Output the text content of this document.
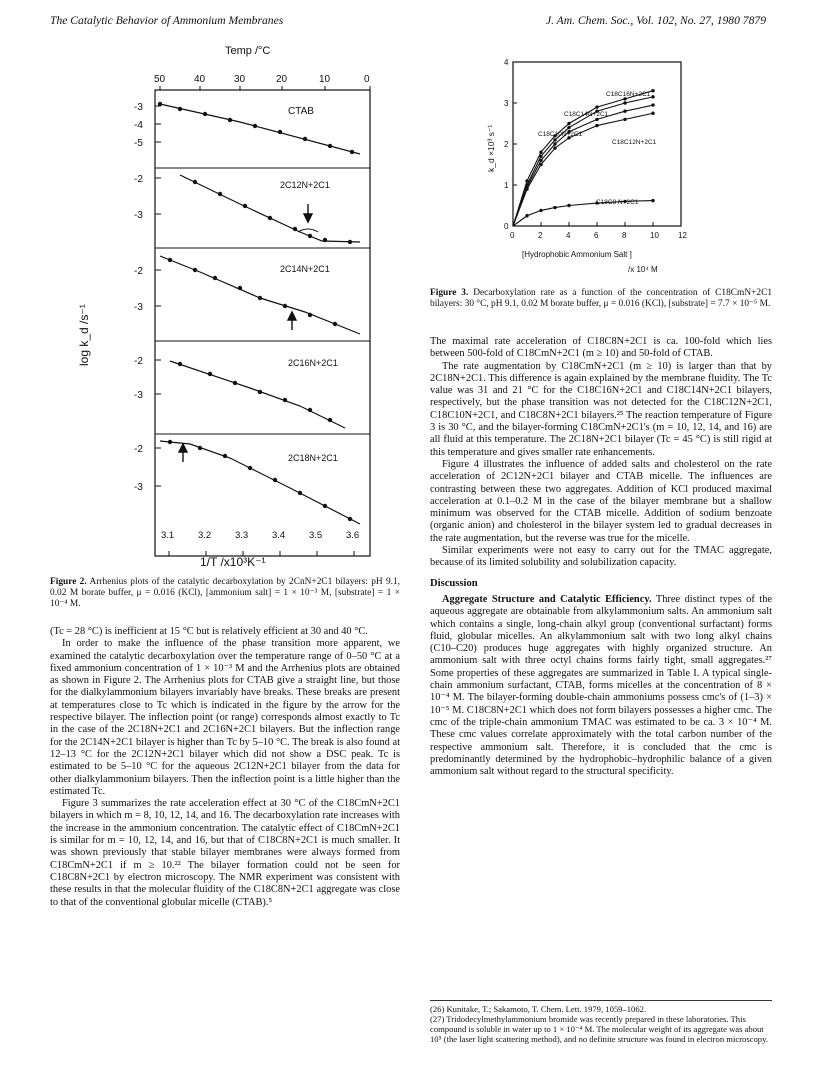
The Catalytic Behavior of Ammonium Membranes	J. Am. Chem. Soc., Vol. 102, No. 27, 1980 7879
Temp /°C
50	40	30	20	10	0
-3
-4
-5
-2
-3
-2
-3
-2
-3
-2
-3
CTAB
2C12N+2C1
2C14N+2C1
2C16N+2C1
2C18N+2C1
log k_d /s⁻¹
3.1	3.2	3.3	3.4	3.5	3.6
1/T /x10³K⁻¹
Figure 2. Arrhenius plots of the catalytic decarboxylation by 2CnN+2C1 bilayers: pH 9.1, 0.02 M borate buffer, μ = 0.016 (KCl), [ammonium salt] = 1 × 10⁻³ M, [substrate] = 1 × 10⁻⁴ M.

(Tc = 28 °C) is inefficient at 15 °C but is relatively efficient at 30 and 40 °C.

In order to make the influence of the phase transition more apparent, we examined the catalytic decarboxylation over the temperature range of 0–50 °C at a fixed ammonium concentration of 1 × 10⁻³ M and the Arrhenius plots are obtained as shown in Figure 2. The Arrhenius plots for CTAB give a straight line, but those for the dialkylammonium bilayers invariably have breaks. These breaks are present at temperatures close to Tc which is indicated in the figure by the arrow for the respective bilayer. The inflection point (or range) corresponds almost exactly to Tc in the case of the 2C18N+2C1 and 2C16N+2C1 bilayers. But the inflection range for the 2C14N+2C1 bilayer is higher than Tc by 5–10 °C. The break is also found at 12–13 °C for the 2C12N+2C1 bilayer which did not show a DSC peak. Tc is estimated to be 5–10 °C for the aqueous 2C12N+2C1 bilayer from the data for other dialkylammonium bilayers. Then the inflection point is a little higher than the estimated Tc.

Figure 3 summarizes the rate acceleration effect at 30 °C of the C18CmN+2C1 bilayers in which m = 8, 10, 12, 14, and 16. The decarboxylation rate increases with the increase in the ammonium concentration. The catalytic effect of C18CmN+2C1 is similar for m = 10, 12, 14, and 16, but that of C18C8N+2C1 is much smaller. It was shown previously that stable bilayer membranes were always formed from C18CmN+2C1 if m ≥ 10.²² The bilayer formation could not be seen for C18C8N+2C1 by electron microscopy. The NMR experiment was consistent with these results in that the molecular fluidity of the C18C8N+2C1 aggregate was close to that of the conventional globular micelle (CTAB).⁵

0
1
2
3
4
0	2	4	6	8	10 12
k_d ×10³ s⁻¹
C18C16N+2C1
C18C14N+2C1
C18C10N+2C1
C18C12N+2C1
C18C8 N+2C1
[Hydrophobic Ammonium Salt ]
/x 10⁴ M
Figure 3. Decarboxylation rate as a function of the concentration of C18CmN+2C1 bilayers: 30 °C, pH 9.1, 0.02 M borate buffer, μ = 0.016 (KCl), [substrate] = 7.7 × 10⁻⁵ M.

The maximal rate acceleration of C18C8N+2C1 is ca. 100-fold which lies between 500-fold of C18CmN+2C1 (m ≥ 10) and 50-fold of CTAB.

The rate augmentation by C18CmN+2C1 (m ≥ 10) is larger than that by 2C18N+2C1. This difference is again explained by the membrane fluidity. The Tc value was 31 and 21 °C for the C18C16N+2C1 and C18C14N+2C1 bilayers, respectively, but the phase transition was not detected for the C18C12N+2C1, C18C10N+2C1, and C18C8N+2C1 bilayers.²⁵ The reaction temperature of Figure 3 is 30 °C, and the bilayer-forming C18CmN+2C1's (m = 10, 12, 14, and 16) are all fluid at this temperature. The 2C18N+2C1 bilayer (Tc = 45 °C) is still rigid at this temperature and gives smaller rate enhancements.

Figure 4 illustrates the influence of added salts and cholesterol on the rate acceleration of 2C12N+2C1 bilayer and CTAB micelle. The influences are contrasting between these two aggregates. Addition of KCl produced maximal acceleration at 0.1–0.2 M in the case of the bilayer membrane but a shallow minimum was observed for the CTAB micelle. Addition of sodium benzoate (organic anion) and cholesterol in the bilayer system led to gradual decreases in the rate augmentation, but the reverse was true for the micelle.

Similar experiments were not easy to carry out for the TMAC aggregate, because of its limited solubility and solubilization capacity.

Discussion

Aggregate Structure and Catalytic Efficiency. Three distinct types of the aqueous aggregate are obtainable from alkylammonium salts. An ammonium salt which contains a single, long-chain alkyl group (conventional surfactant) forms fluid, globular micelles. An alkylammonium salt with two long alkyl chains (C10–C20) produces huge aggregates with highly organized structure. An ammonium salt with three octyl chains forms fairly tight, small aggregates.²⁷ Some properties of these aggregates are summarized in Table I. A typical single-chain ammonium surfactant, CTAB, forms micelles at the concentration of 8 × 10⁻⁴ M. The bilayer-forming double-chain ammoniums possess cmc's of (1–3) × 10⁻⁵ M. C18C8N+2C1 which does not form bilayers possesses a higher cmc. The cmc of the triple-chain ammonium TMAC was estimated to be ca. 3 × 10⁻⁴ M. These cmc values correlate approximately with the total carbon number of the respective ammonium salt. Therefore, it is concluded that the cmc is predominantly determined by the hydrophobic–hydrophilic balance of a given ammonium salt without regard to the structural specificity.

(26) Kunitake, T.; Sakamoto, T. Chem. Lett. 1979, 1059–1062.
(27) Tridodecylmethylammonium bromide was recently prepared in these laboratories. This compound is soluble in water up to 1 × 10⁻⁴ M. The molecular weight of its aggregate was about 10⁵ (the laser light scattering method), and no definite structure was found in electron microscopy.
